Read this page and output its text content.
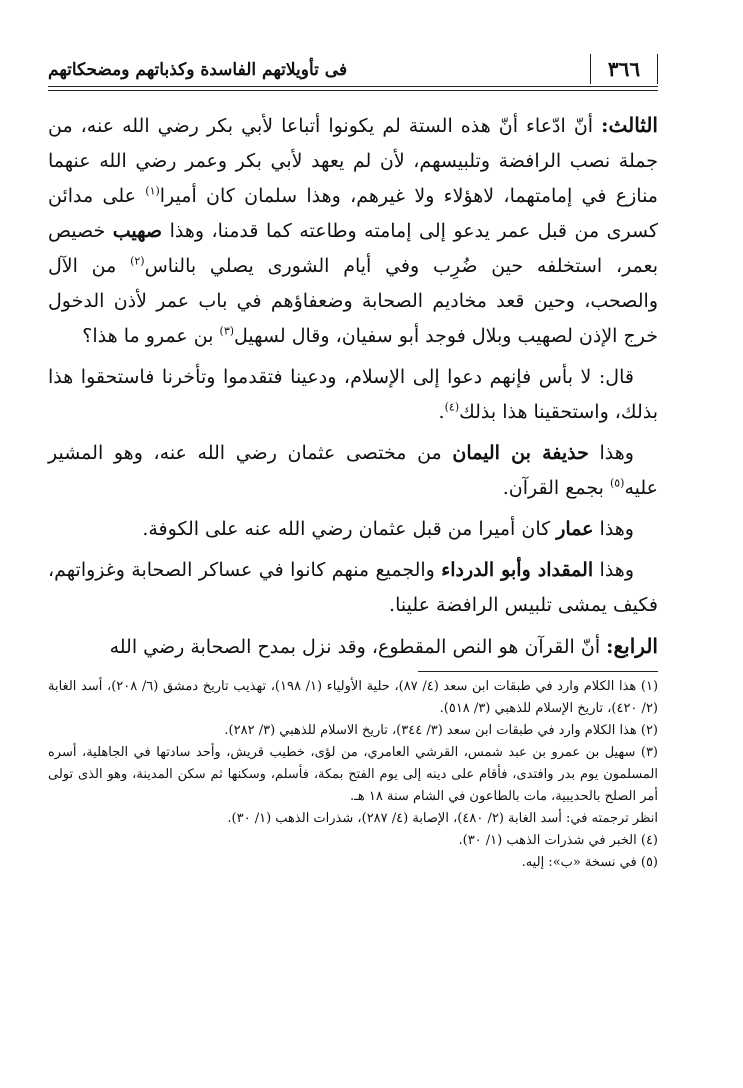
٣٦٦
فى تأويلاتهم الفاسدة وكذباتهم ومضحكاتهم

الثالث: أنّ ادّعاء أنّ هذه الستة لم يكونوا أتباعا لأبي بكر رضي الله عنه، من جملة نصب الرافضة وتلبيسهم، لأن لم يعهد لأبي بكر وعمر رضي الله عنهما منازع في إمامتهما، لاهؤلاء ولا غيرهم، وهذا سلمان كان أميرا$^{(١)}$ على مدائن كسرى من قبل عمر يدعو إلى إمامته وطاعته كما قدمنا، وهذا صهيب خصيص بعمر، استخلفه حين ضُرِب وفي أيام الشورى يصلي بالناس$^{(٢)}$ من الآل والصحب، وحين قعد مخاديم الصحابة وضعفاؤهم في باب عمر لأذن الدخول خرج الإذن لصهيب وبلال فوجد أبو سفيان، وقال لسهيل$^{(٣)}$ بن عمرو ما هذا؟

قال: لا بأس فإنهم دعوا إلى الإسلام، ودعينا فتقدموا وتأخرنا فاستحقوا هذا بذلك، واستحقينا هذا بذلك$^{(٤)}$.

وهذا حذيفة بن اليمان من مختصى عثمان رضي الله عنه، وهو المشير عليه$^{(٥)}$ بجمع القرآن.

وهذا عمار كان أميرا من قبل عثمان رضي الله عنه على الكوفة.

وهذا المقداد وأبو الدرداء والجميع منهم كانوا في عساكر الصحابة وغزواتهم، فكيف يمشى تلبيس الرافضة علينا.

الرابع: أنّ القرآن هو النص المقطوع، وقد نزل بمدح الصحابة رضي الله

(١) هذا الكلام وارد في طبقات ابن سعد (٤/ ٨٧)، حلية الأولياء (١/ ١٩٨)، تهذيب تاريخ دمشق (٦/ ٢٠٨)، أسد الغابة (٢/ ٤٢٠)، تاريخ الإسلام للذهبي (٣/ ٥١٨).

(٢) هذا الكلام وارد في طبقات ابن سعد (٣/ ٣٤٤)، تاريخ الاسلام للذهبي (٣/ ٢٨٢).

(٣) سهيل بن عمرو بن عبد شمس، القرشي العامري، من لؤى، خطيب قريش، وأحد سادتها في الجاهلية، أسره المسلمون يوم بدر وافتدى، فأقام على دينه إلى يوم الفتح بمكة، فأسلم، وسكنها ثم سكن المدينة، وهو الذى تولى أمر الصلح بالحديبية، مات بالطاعون في الشام سنة ١٨ هـ.

انظر ترجمته في: أسد الغابة (٢/ ٤٨٠)، الإصابة (٤/ ٢٨٧)، شذرات الذهب (١/ ٣٠).

(٤) الخبر في شذرات الذهب (١/ ٣٠).

(٥) في نسخة «ب»: إليه.
